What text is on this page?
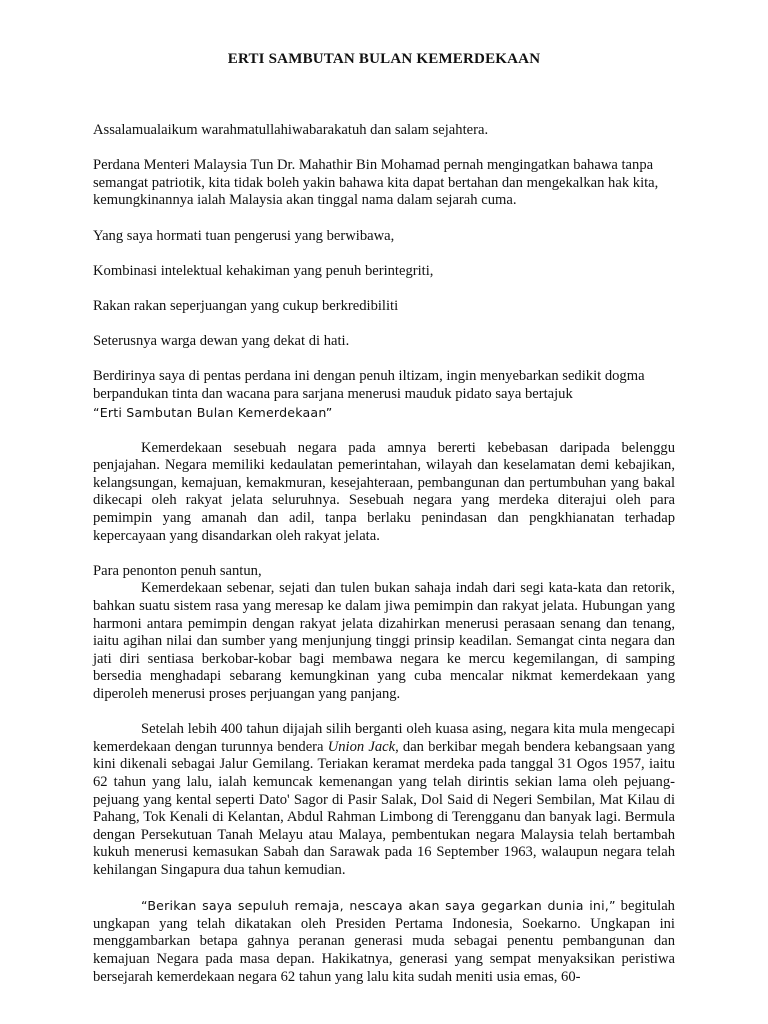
ERTI SAMBUTAN BULAN KEMERDEKAAN

Assalamualaikum warahmatullahiwabarakatuh dan salam sejahtera.

Perdana Menteri Malaysia Tun Dr. Mahathir Bin Mohamad pernah mengingatkan bahawa tanpa semangat patriotik, kita tidak boleh yakin bahawa kita dapat bertahan dan mengekalkan hak kita, kemungkinannya ialah Malaysia akan tinggal nama dalam sejarah cuma.

Yang saya hormati tuan pengerusi yang berwibawa,

Kombinasi intelektual kehakiman yang penuh berintegriti,

Rakan rakan seperjuangan yang cukup berkredibiliti

Seterusnya warga dewan yang dekat di hati.

Berdirinya saya di pentas perdana ini dengan penuh iltizam, ingin menyebarkan sedikit dogma berpandukan tinta dan wacana para sarjana menerusi mauduk pidato saya bertajuk
“Erti Sambutan Bulan Kemerdekaan”

Kemerdekaan sesebuah negara pada amnya bererti kebebasan daripada belenggu penjajahan. Negara memiliki kedaulatan pemerintahan, wilayah dan keselamatan demi kebajikan, kelangsungan, kemajuan, kemakmuran, kesejahteraan, pembangunan dan pertumbuhan yang bakal dikecapi oleh rakyat jelata seluruhnya. Sesebuah negara yang merdeka diterajui oleh para pemimpin yang amanah dan adil, tanpa berlaku penindasan dan pengkhianatan terhadap kepercayaan yang disandarkan oleh rakyat jelata.

Para penonton penuh santun,

Kemerdekaan sebenar, sejati dan tulen bukan sahaja indah dari segi kata-kata dan retorik, bahkan suatu sistem rasa yang meresap ke dalam jiwa pemimpin dan rakyat jelata. Hubungan yang harmoni antara pemimpin dengan rakyat jelata dizahirkan menerusi perasaan senang dan tenang, iaitu agihan nilai dan sumber yang menjunjung tinggi prinsip keadilan. Semangat cinta negara dan jati diri sentiasa berkobar-kobar bagi membawa negara ke mercu kegemilangan, di samping bersedia menghadapi sebarang kemungkinan yang cuba mencalar nikmat kemerdekaan yang diperoleh menerusi proses perjuangan yang panjang.

Setelah lebih 400 tahun dijajah silih berganti oleh kuasa asing, negara kita mula mengecapi kemerdekaan dengan turunnya bendera Union Jack, dan berkibar megah bendera kebangsaan yang kini dikenali sebagai Jalur Gemilang. Teriakan keramat merdeka pada tanggal 31 Ogos 1957, iaitu 62 tahun yang lalu, ialah kemuncak kemenangan yang telah dirintis sekian lama oleh pejuang-pejuang yang kental seperti Dato' Sagor di Pasir Salak, Dol Said di Negeri Sembilan, Mat Kilau di Pahang, Tok Kenali di Kelantan, Abdul Rahman Limbong di Terengganu dan banyak lagi. Bermula dengan Persekutuan Tanah Melayu atau Malaya, pembentukan negara Malaysia telah bertambah kukuh menerusi kemasukan Sabah dan Sarawak pada 16 September 1963, walaupun negara telah kehilangan Singapura dua tahun kemudian.

“Berikan saya sepuluh remaja, nescaya akan saya gegarkan dunia ini,” begitulah ungkapan yang telah dikatakan oleh Presiden Pertama Indonesia, Soekarno. Ungkapan ini menggambarkan betapa gahnya peranan generasi muda sebagai penentu pembangunan dan kemajuan Negara pada masa depan. Hakikatnya, generasi yang sempat menyaksikan peristiwa bersejarah kemerdekaan negara 62 tahun yang lalu kita sudah meniti usia emas, 60-
